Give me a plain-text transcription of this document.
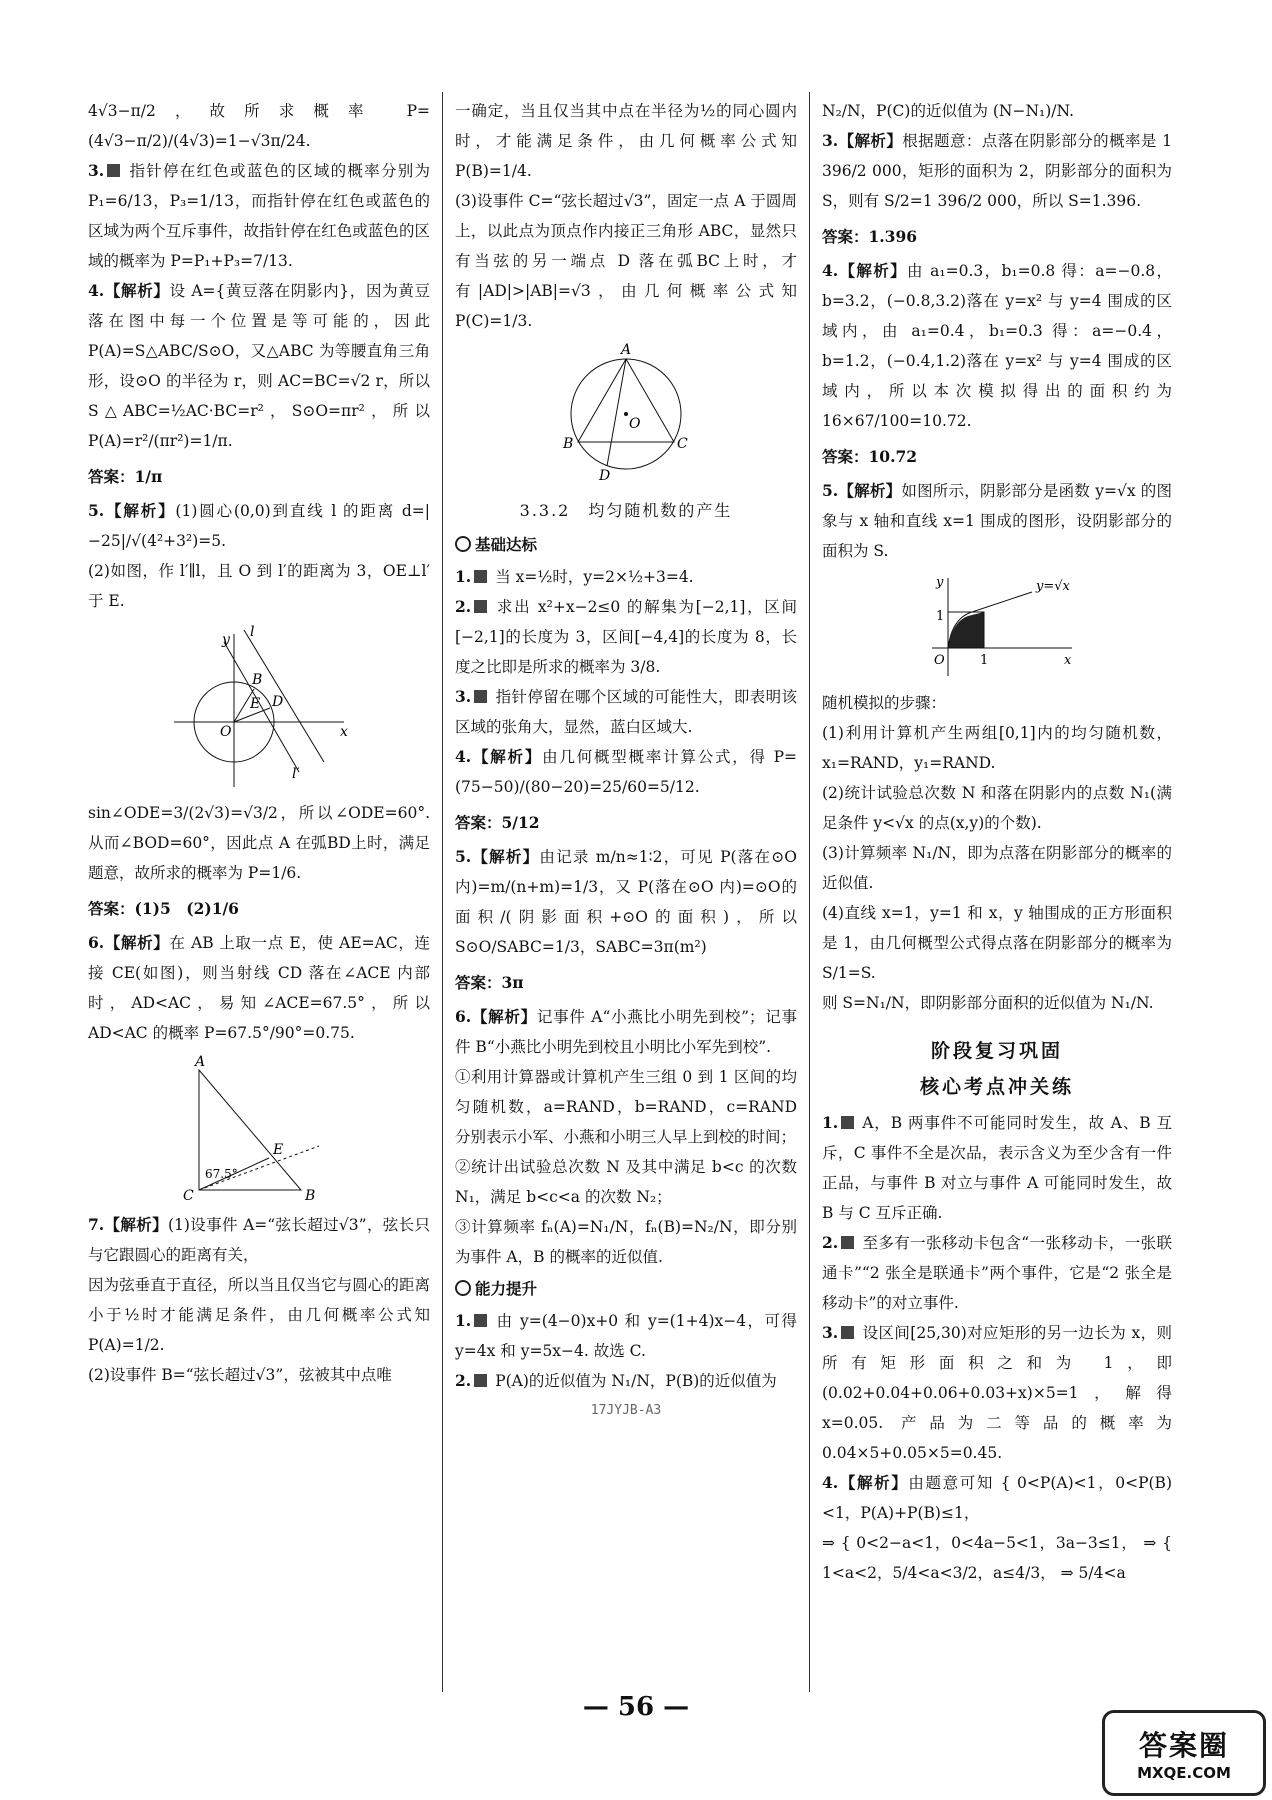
4√3−π/2，故所求概率 P=(4√3−π/2)/(4√3)=1−√3π/24.

3. 指针停在红色或蓝色的区域的概率分别为 P₁=6/13，P₃=1/13，而指针停在红色或蓝色的区域为两个互斥事件，故指针停在红色或蓝色的区域的概率为 P=P₁+P₃=7/13.

4.【解析】设 A={黄豆落在阴影内}，因为黄豆落在图中每一个位置是等可能的，因此 P(A)=S△ABC/S⊙O，又△ABC 为等腰直角三角形，设⊙O 的半径为 r，则 AC=BC=√2 r，所以 S△ABC=½AC·BC=r²，S⊙O=πr²，所以 P(A)=r²/(πr²)=1/π.

答案：1/π

5.【解析】(1)圆心(0,0)到直线 l 的距离 d=|−25|/√(4²+3²)=5.

(2)如图，作 l′∥l，且 O 到 l′的距离为 3，OE⊥l′于 E.

y l
B
E D
O	x
l′

sin∠ODE=3/(2√3)=√3/2，所以∠ODE=60°. 从而∠BOD=60°，因此点 A 在弧BD上时，满足题意，故所求的概率为 P=1/6.

答案：(1)5　(2)1/6

6.【解析】在 AB 上取一点 E，使 AE=AC，连接 CE(如图)，则当射线 CD 落在∠ACE 内部时，AD<AC，易知∠ACE=67.5°，所以 AD<AC 的概率 P=67.5°/90°=0.75.

A
E
C	B
67.5°

7.【解析】(1)设事件 A=“弦长超过√3”，弦长只与它跟圆心的距离有关，

因为弦垂直于直径，所以当且仅当它与圆心的距离小于½时才能满足条件，由几何概率公式知 P(A)=1/2.

(2)设事件 B=“弦长超过√3”，弦被其中点唯

一确定，当且仅当其中点在半径为½的同心圆内时，才能满足条件，由几何概率公式知 P(B)=1/4.

(3)设事件 C=“弦长超过√3”，固定一点 A 于圆周上，以此点为顶点作内接正三角形 ABC，显然只有当弦的另一端点 D 落在弧BC上时，才有|AD|>|AB|=√3，由几何概率公式知 P(C)=1/3.

A
O
B	C
D

3.3.2　均匀随机数的产生

基础达标

1. 当 x=½时，y=2×½+3=4.

2. 求出 x²+x−2≤0 的解集为[−2,1]，区间[−2,1]的长度为 3，区间[−4,4]的长度为 8，长度之比即是所求的概率为 3/8.

3. 指针停留在哪个区域的可能性大，即表明该区域的张角大，显然，蓝白区域大.

4.【解析】由几何概型概率计算公式，得 P=(75−50)/(80−20)=25/60=5/12.

答案：5/12

5.【解析】由记录 m/n≈1∶2，可见 P(落在⊙O 内)=m/(n+m)=1/3，又 P(落在⊙O 内)=⊙O的面积/(阴影面积+⊙O的面积)，所以 S⊙O/SABC=1/3，SABC=3π(m²)

答案：3π

6.【解析】记事件 A“小燕比小明先到校”；记事件 B“小燕比小明先到校且小明比小军先到校”.

①利用计算器或计算机产生三组 0 到 1 区间的均匀随机数，a=RAND，b=RAND，c=RAND 分别表示小军、小燕和小明三人早上到校的时间；

②统计出试验总次数 N 及其中满足 b<c 的次数 N₁，满足 b<c<a 的次数 N₂；

③计算频率 fₙ(A)=N₁/N，fₙ(B)=N₂/N，即分别为事件 A，B 的概率的近似值.

能力提升

1. 由 y=(4−0)x+0 和 y=(1+4)x−4，可得 y=4x 和 y=5x−4. 故选 C.

2. P(A)的近似值为 N₁/N，P(B)的近似值为

17JYJB-A3

N₂/N，P(C)的近似值为 (N−N₁)/N.

3.【解析】根据题意：点落在阴影部分的概率是 1 396/2 000，矩形的面积为 2，阴影部分的面积为 S，则有 S/2=1 396/2 000，所以 S=1.396.

答案：1.396

4.【解析】由 a₁=0.3，b₁=0.8 得：a=−0.8，b=3.2，(−0.8,3.2)落在 y=x² 与 y=4 围成的区域内，由 a₁=0.4，b₁=0.3 得：a=−0.4，b=1.2，(−0.4,1.2)落在 y=x² 与 y=4 围成的区域内，所以本次模拟得出的面积约为 16×67/100=10.72.

答案：10.72

5.【解析】如图所示，阴影部分是函数 y=√x 的图象与 x 轴和直线 x=1 围成的图形，设阴影部分的面积为 S.

y	y=√x
1
O	1	x

随机模拟的步骤：

(1)利用计算机产生两组[0,1]内的均匀随机数，x₁=RAND，y₁=RAND.

(2)统计试验总次数 N 和落在阴影内的点数 N₁(满足条件 y<√x 的点(x,y)的个数).

(3)计算频率 N₁/N，即为点落在阴影部分的概率的近似值.

(4)直线 x=1，y=1 和 x，y 轴围成的正方形面积是 1，由几何概型公式得点落在阴影部分的概率为 S/1=S.

则 S=N₁/N，即阴影部分面积的近似值为 N₁/N.

阶段复习巩固

核心考点冲关练

1. A，B 两事件不可能同时发生，故 A、B 互斥，C 事件不全是次品，表示含义为至少含有一件正品，与事件 B 对立与事件 A 可能同时发生，故 B 与 C 互斥正确.

2. 至多有一张移动卡包含“一张移动卡，一张联通卡”“2 张全是联通卡”两个事件，它是“2 张全是移动卡”的对立事件.

3. 设区间[25,30)对应矩形的另一边长为 x，则所有矩形面积之和为 1，即(0.02+0.04+0.06+0.03+x)×5=1，解得 x=0.05. 产品为二等品的概率为 0.04×5+0.05×5=0.45.

4.【解析】由题意可知 { 0<P(A)<1，0<P(B)<1，P(A)+P(B)≤1，

⇒ { 0<2−a<1，0<4a−5<1，3a−3≤1， ⇒ { 1<a<2，5/4<a<3/2，a≤4/3， ⇒ 5/4<a

— 56 —
答案圈
MXQE.COM
